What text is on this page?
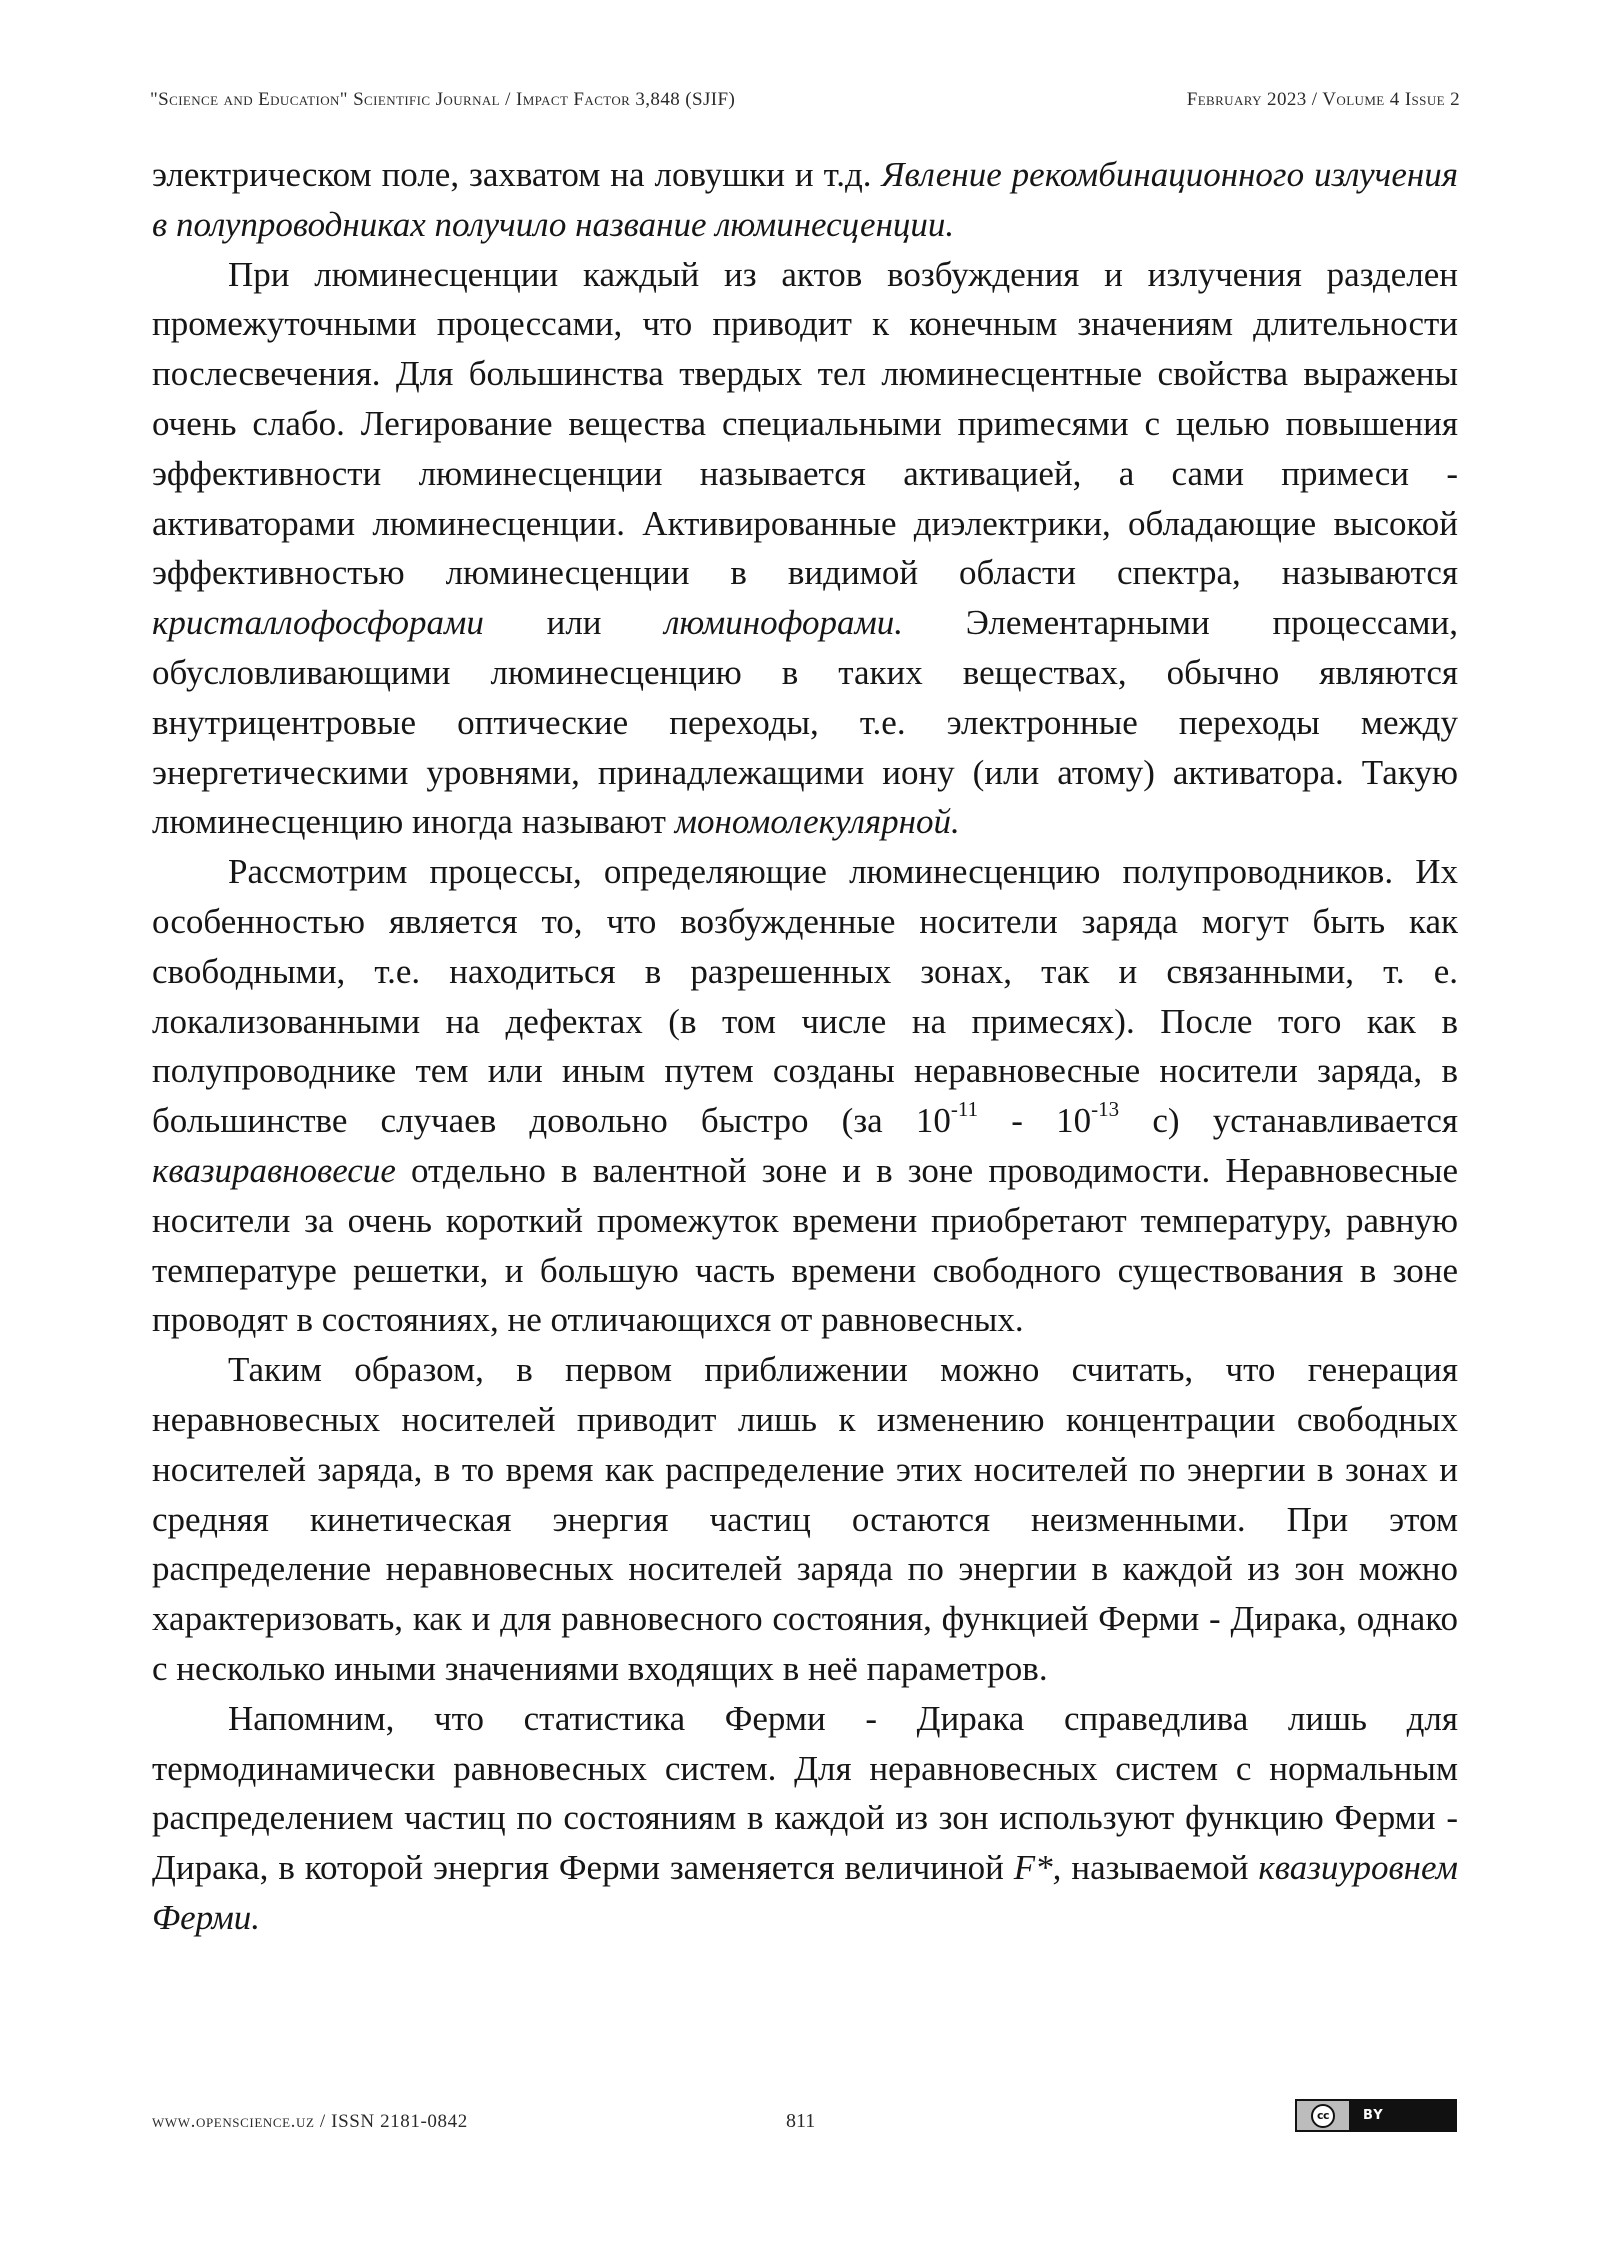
"Science and Education" Scientific Journal / Impact Factor 3,848 (SJIF)	February 2023 / Volume 4 Issue 2

электрическом поле, захватом на ловушки и т.д. Явление рекомбинационного излучения в полупроводниках получило название люминесценции.

При люминесценции каждый из актов возбуждения и излучения разделен промежуточными процессами, что приводит к конечным значениям длительности послесвечения. Для большинства твердых тел люминесцентные свойства выражены очень слабо. Легирование вещества специальными приmесями с целью повышения эффективности люминесценции называется активацией, а сами примеси - активаторами люминесценции. Активированные диэлектрики, обладающие высокой эффективностью люминесценции в видимой области спектра, называются кристаллофосфорами или люминофорами. Элементарными процессами, обусловливающими люминесценцию в таких веществах, обычно являются внутрицентровые оптические переходы, т.е. электронные переходы между энергетическими уровнями, принадлежащими иону (или атому) активатора. Такую люминесценцию иногда называют мономолекулярной.

Рассмотрим процессы, определяющие люминесценцию полупроводников. Их особенностью является то, что возбужденные носители заряда могут быть как свободными, т.е. находиться в разрешенных зонах, так и связанными, т. е. локализованными на дефектах (в том числе на примесях). После того как в полупроводнике тем или иным путем созданы неравновесные носители заряда, в большинстве случаев довольно быстро (за $10^{-11} - 10^{-13}$ с) устанавливается квазиравновесие отдельно в валентной зоне и в зоне проводимости. Неравновесные носители за очень короткий промежуток времени приобретают температуру, равную температуре решетки, и большую часть времени свободного существования в зоне проводят в состояниях, не отличающихся от равновесных.

Таким образом, в первом приближении можно считать, что генерация неравновесных носителей приводит лишь к изменению концентрации свободных носителей заряда, в то время как распределение этих носителей по энергии в зонах и средняя кинетическая энергия частиц остаются неизменными. При этом распределение неравновесных носителей заряда по энергии в каждой из зон можно характеризовать, как и для равновесного состояния, функцией Ферми - Дирака, однако с несколько иными значениями входящих в неё параметров.

Напомним, что статистика Ферми - Дирака справедлива лишь для термодинамически равновесных систем. Для неравновесных систем с нормальным распределением частиц по состояниям в каждой из зон используют функцию Ферми - Дирака, в которой энергия Ферми заменяется величиной F*, называемой квазиуровнем Ферми.

www.openscience.uz / ISSN 2181-0842	811	cc	BY
